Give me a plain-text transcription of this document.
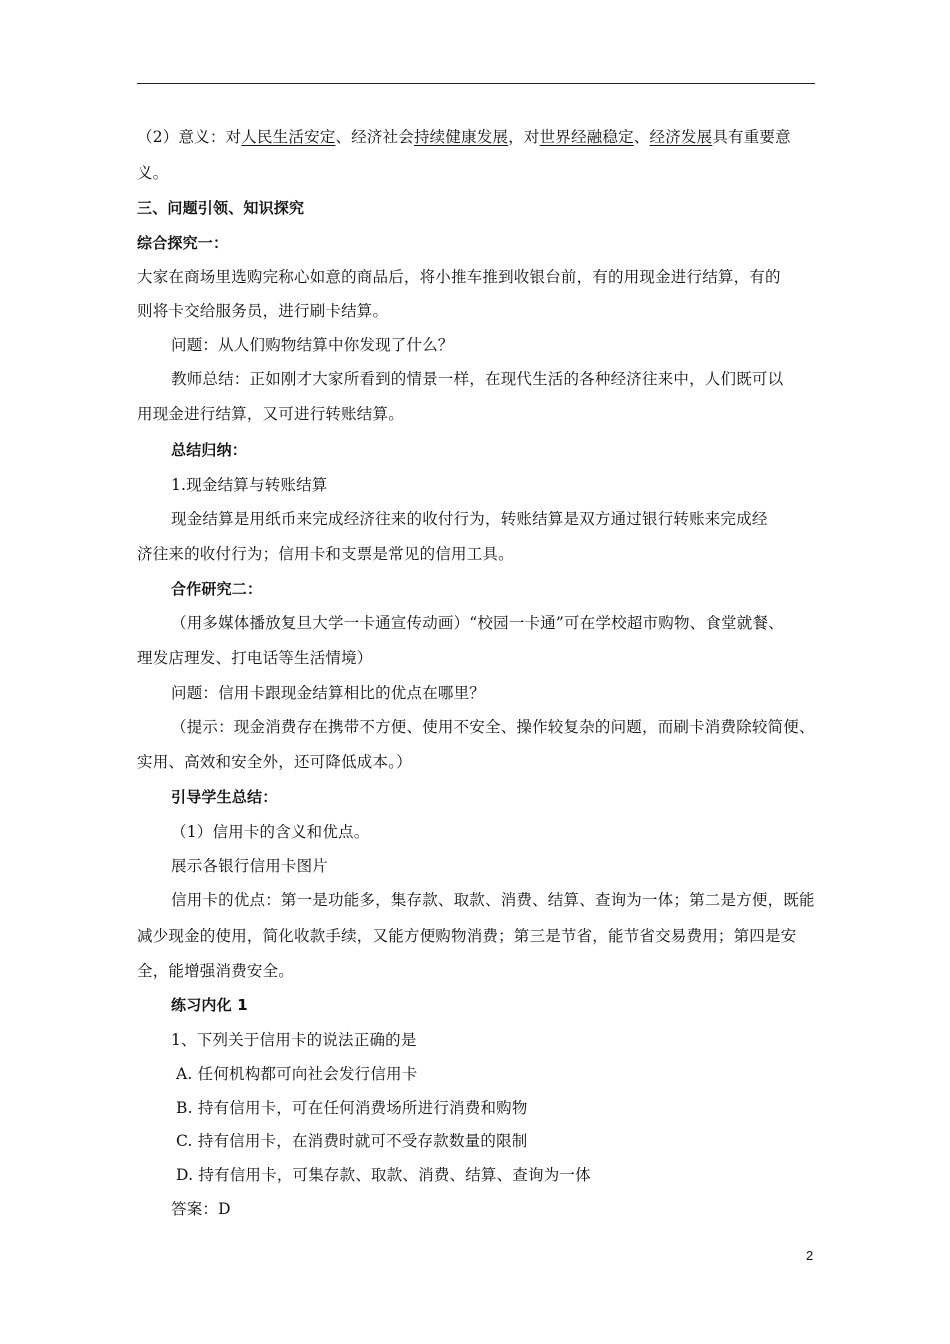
（2）意义：对人民生活安定、经济社会持续健康发展，对世界经融稳定、经济发展具有重要意
义。
三、问题引领、知识探究
综合探究一：
大家在商场里选购完称心如意的商品后，将小推车推到收银台前，有的用现金进行结算，有的
则将卡交给服务员，进行刷卡结算。
问题：从人们购物结算中你发现了什么？
教师总结：正如刚才大家所看到的情景一样，在现代生活的各种经济往来中，人们既可以
用现金进行结算，又可进行转账结算。
总结归纳：
1.现金结算与转账结算
现金结算是用纸币来完成经济往来的收付行为，转账结算是双方通过银行转账来完成经
济往来的收付行为；信用卡和支票是常见的信用工具。
合作研究二：
（用多媒体播放复旦大学一卡通宣传动画）“校园一卡通”可在学校超市购物、食堂就餐、
理发店理发、打电话等生活情境）
问题：信用卡跟现金结算相比的优点在哪里？
（提示：现金消费存在携带不方便、使用不安全、操作较复杂的问题，而刷卡消费除较简便、
实用、高效和安全外，还可降低成本。）
引导学生总结：
（1）信用卡的含义和优点。
展示各银行信用卡图片
信用卡的优点：第一是功能多，集存款、取款、消费、结算、查询为一体；第二是方便，既能
减少现金的使用，简化收款手续，又能方便购物消费；第三是节省，能节省交易费用；第四是安
全，能增强消费安全。
练习内化 1
1、下列关于信用卡的说法正确的是
A. 任何机构都可向社会发行信用卡
B. 持有信用卡，可在任何消费场所进行消费和购物
C. 持有信用卡，在消费时就可不受存款数量的限制
D. 持有信用卡，可集存款、取款、消费、结算、查询为一体
答案：D
2
